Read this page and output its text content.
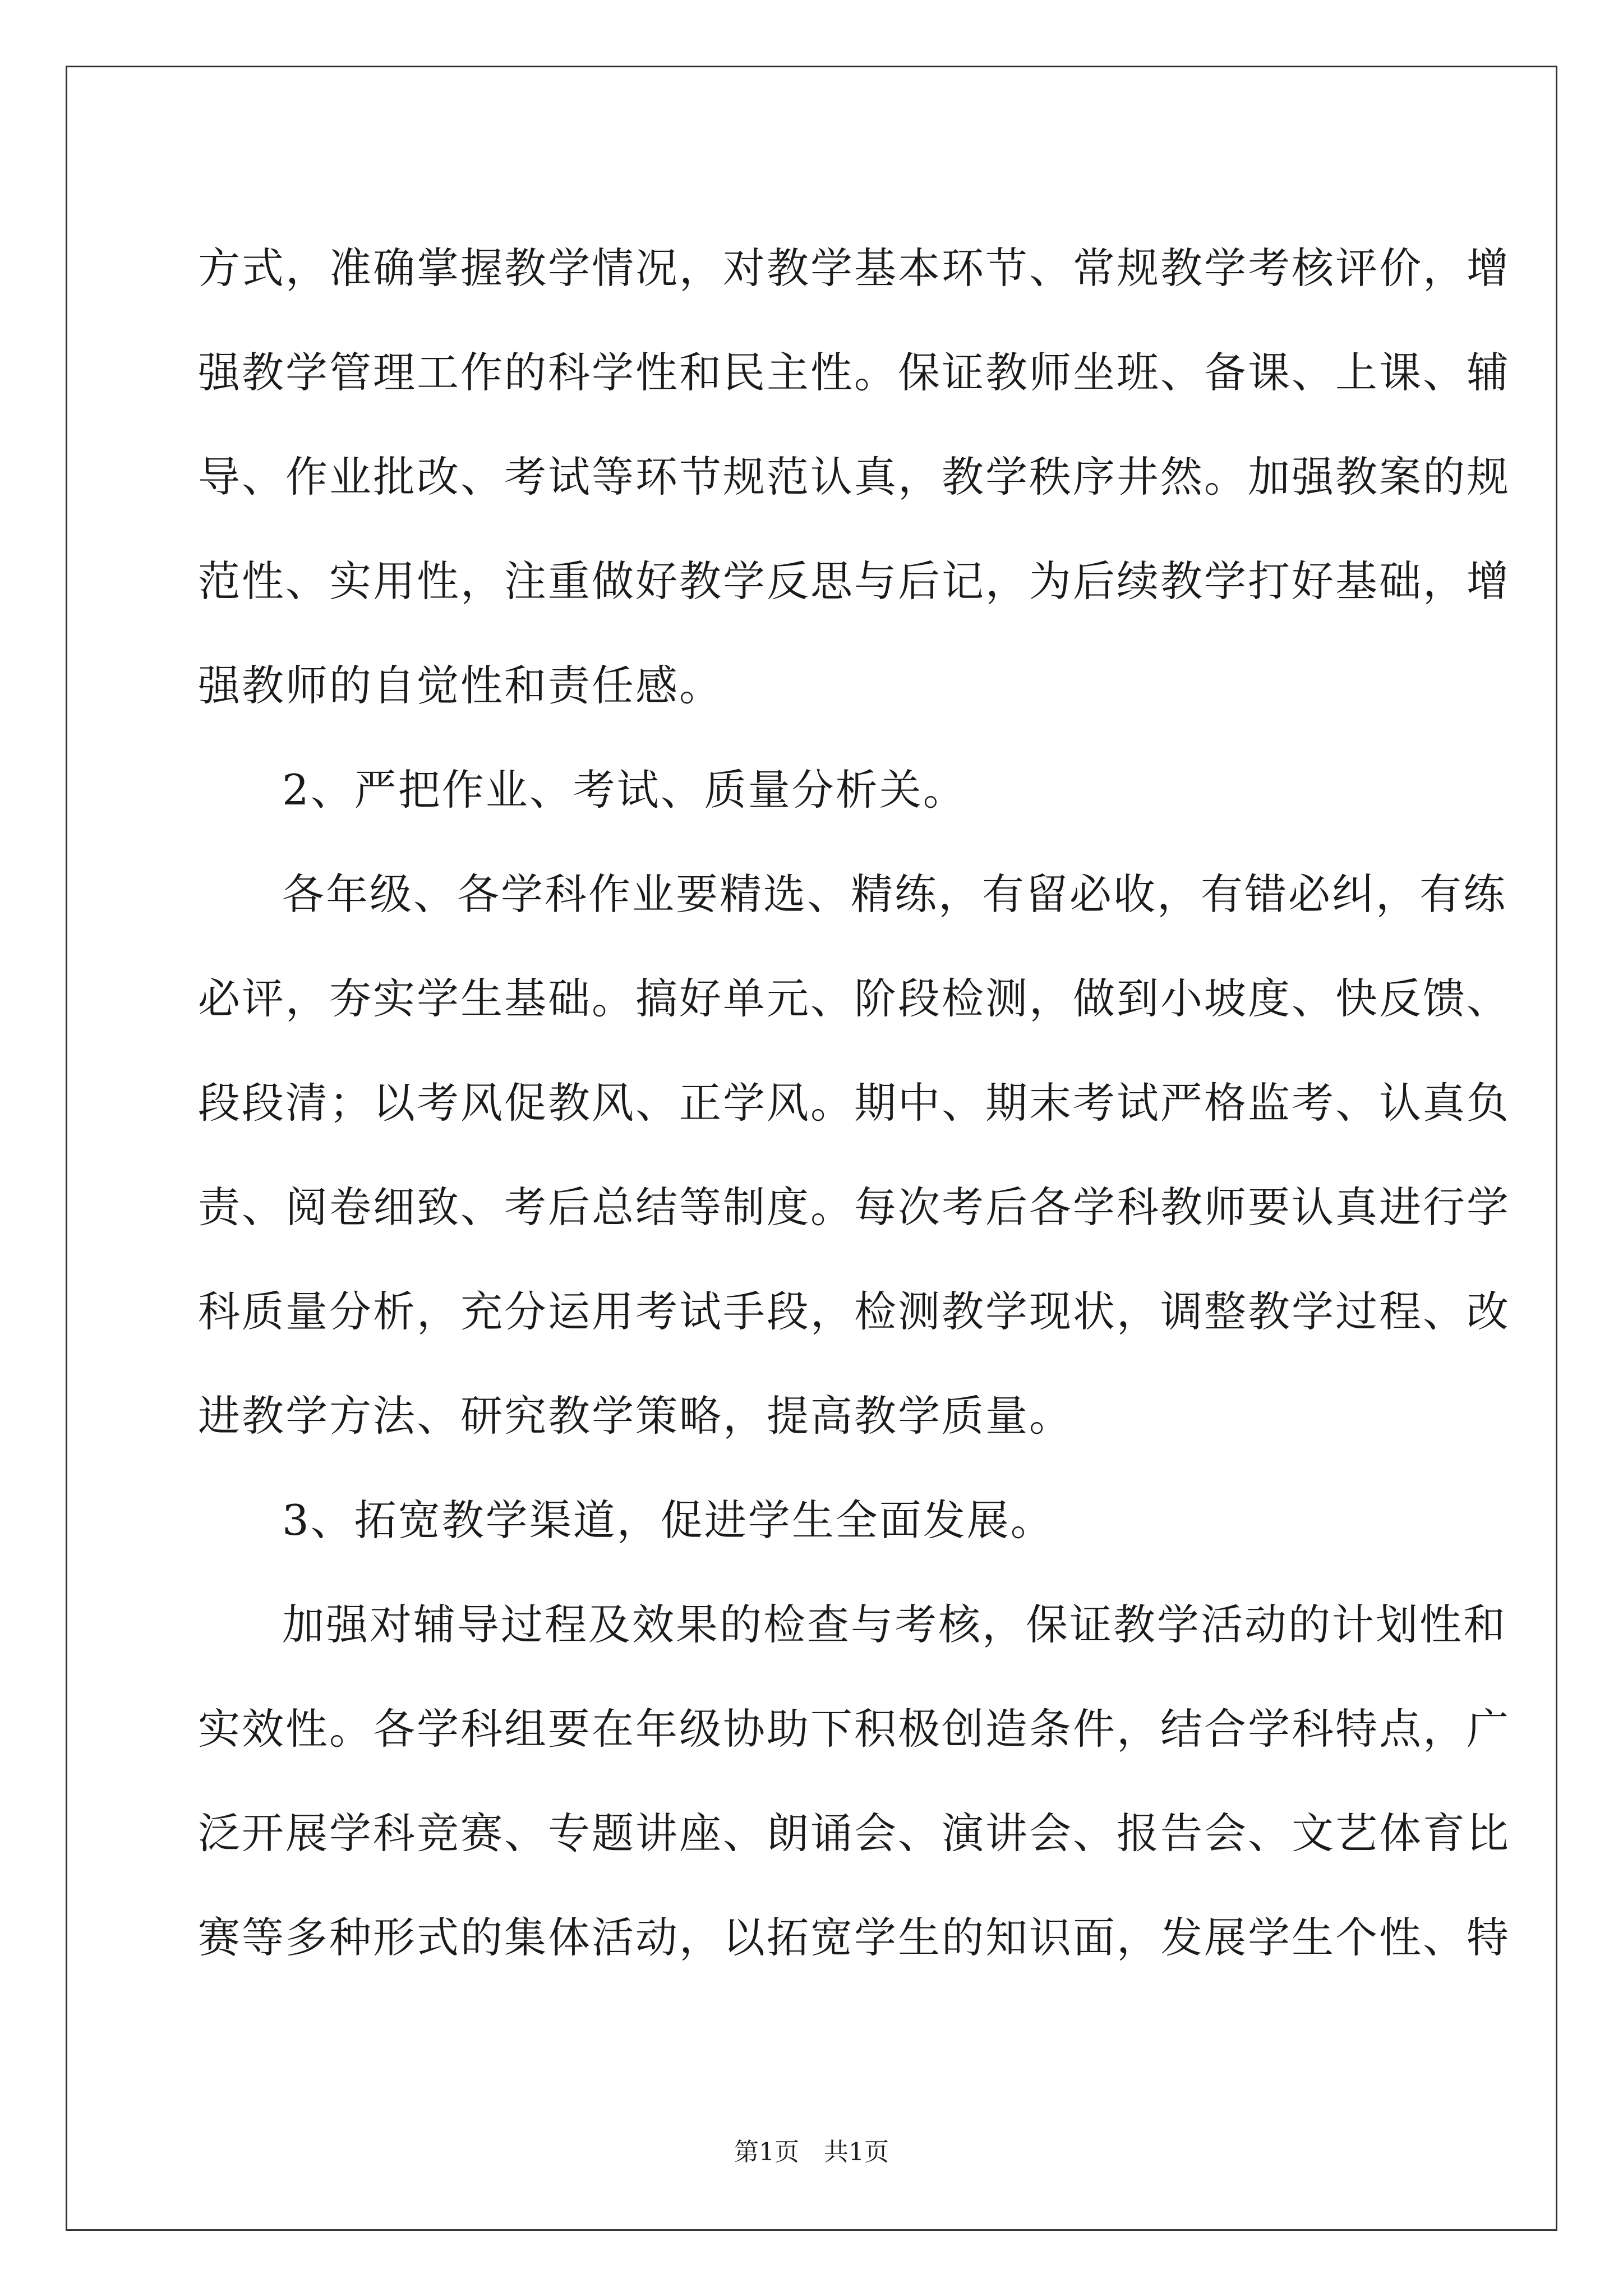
方式，准确掌握教学情况，对教学基本环节、常规教学考核评价，增
强教学管理工作的科学性和民主性。保证教师坐班、备课、上课、辅
导、作业批改、考试等环节规范认真，教学秩序井然。加强教案的规
范性、实用性，注重做好教学反思与后记，为后续教学打好基础，增
强教师的自觉性和责任感。

2、严把作业、考试、质量分析关。

各年级、各学科作业要精选、精练，有留必收，有错必纠，有练
必评，夯实学生基础。搞好单元、阶段检测，做到小坡度、快反馈、
段段清；以考风促教风、正学风。期中、期末考试严格监考、认真负
责、阅卷细致、考后总结等制度。每次考后各学科教师要认真进行学
科质量分析，充分运用考试手段，检测教学现状，调整教学过程、改
进教学方法、研究教学策略，提高教学质量。

3、拓宽教学渠道，促进学生全面发展。

加强对辅导过程及效果的检查与考核，保证教学活动的计划性和
实效性。各学科组要在年级协助下积极创造条件，结合学科特点，广
泛开展学科竞赛、专题讲座、朗诵会、演讲会、报告会、文艺体育比
赛等多种形式的集体活动，以拓宽学生的知识面，发展学生个性、特

第1页 共1页
